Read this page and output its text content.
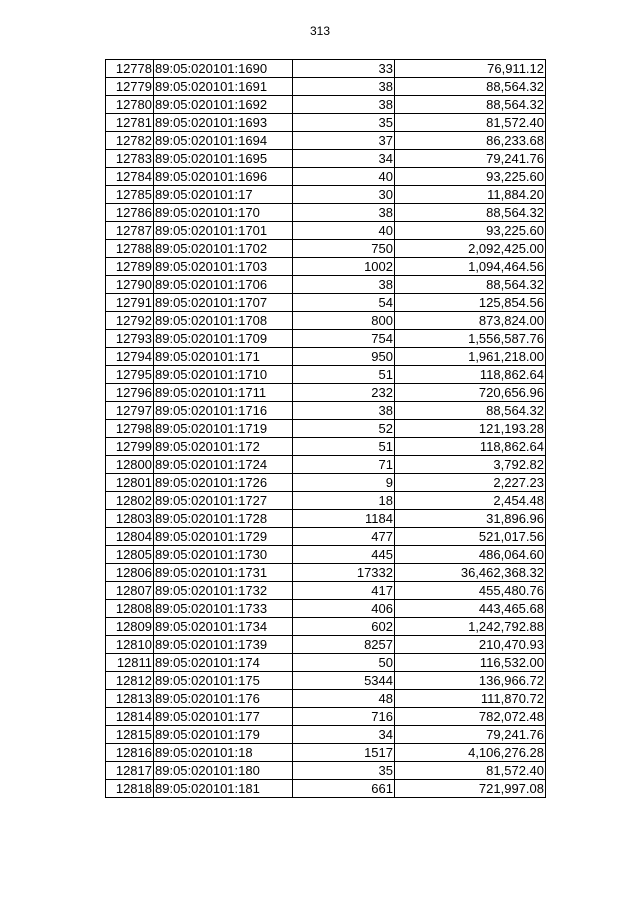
313
12778	89:05:020101:1690	33	76,911.12
12779	89:05:020101:1691	38	88,564.32
12780	89:05:020101:1692	38	88,564.32
12781	89:05:020101:1693	35	81,572.40
12782	89:05:020101:1694	37	86,233.68
12783	89:05:020101:1695	34	79,241.76
12784	89:05:020101:1696	40	93,225.60
12785	89:05:020101:17	30	11,884.20
12786	89:05:020101:170	38	88,564.32
12787	89:05:020101:1701	40	93,225.60
12788	89:05:020101:1702	750	2,092,425.00
12789	89:05:020101:1703	1002	1,094,464.56
12790	89:05:020101:1706	38	88,564.32
12791	89:05:020101:1707	54	125,854.56
12792	89:05:020101:1708	800	873,824.00
12793	89:05:020101:1709	754	1,556,587.76
12794	89:05:020101:171	950	1,961,218.00
12795	89:05:020101:1710	51	118,862.64
12796	89:05:020101:1711	232	720,656.96
12797	89:05:020101:1716	38	88,564.32
12798	89:05:020101:1719	52	121,193.28
12799	89:05:020101:172	51	118,862.64
12800	89:05:020101:1724	71	3,792.82
12801	89:05:020101:1726	9	2,227.23
12802	89:05:020101:1727	18	2,454.48
12803	89:05:020101:1728	1184	31,896.96
12804	89:05:020101:1729	477	521,017.56
12805	89:05:020101:1730	445	486,064.60
12806	89:05:020101:1731	17332	36,462,368.32
12807	89:05:020101:1732	417	455,480.76
12808	89:05:020101:1733	406	443,465.68
12809	89:05:020101:1734	602	1,242,792.88
12810	89:05:020101:1739	8257	210,470.93
12811	89:05:020101:174	50	116,532.00
12812	89:05:020101:175	5344	136,966.72
12813	89:05:020101:176	48	111,870.72
12814	89:05:020101:177	716	782,072.48
12815	89:05:020101:179	34	79,241.76
12816	89:05:020101:18	1517	4,106,276.28
12817	89:05:020101:180	35	81,572.40
12818	89:05:020101:181	661	721,997.08
